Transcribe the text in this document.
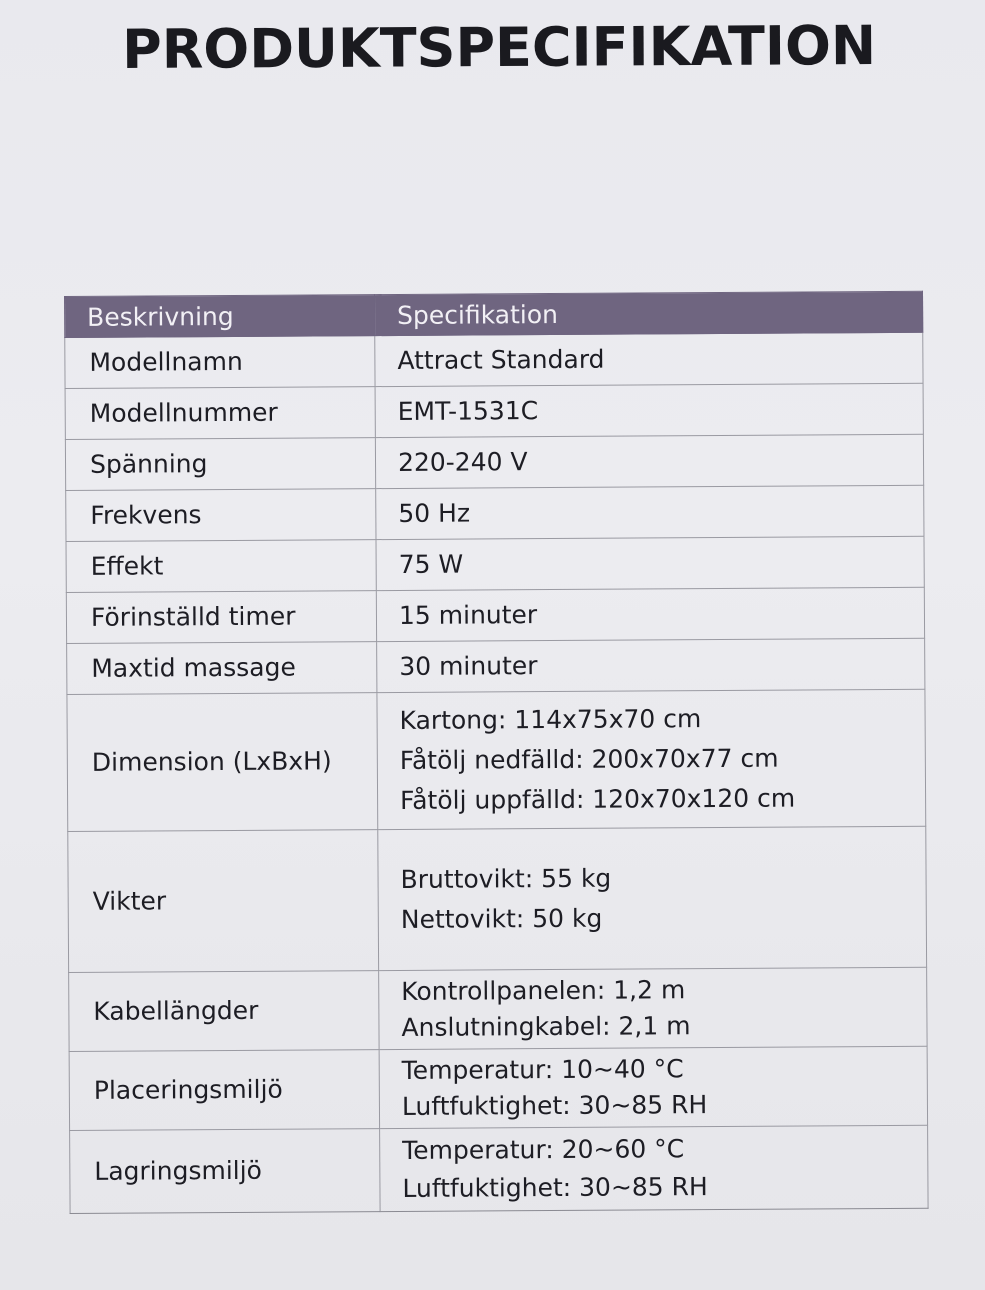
PRODUKTSPECIFIKATION
Beskrivning	Specifikation
Modellnamn	Attract Standard
Modellnummer	EMT-1531C
Spänning	220-240 V
Frekvens	50 Hz
Effekt	75 W
Förinställd timer	15 minuter
Maxtid massage	30 minuter
Dimension (LxBxH)	Kartong: 114x75x70 cm
Fåtölj nedfälld: 200x70x77 cm
Fåtölj uppfälld: 120x70x120 cm

Vikter	Bruttovikt: 55 kg
Nettovikt: 50 kg

Kabellängder	Kontrollpanelen: 1,2 m
Anslutningkabel: 2,1 m

Placeringsmiljö	Temperatur: 10~40 °C
Luftfuktighet: 30~85 RH

Lagringsmiljö	Temperatur: 20~60 °C
Luftfuktighet: 30~85 RH
